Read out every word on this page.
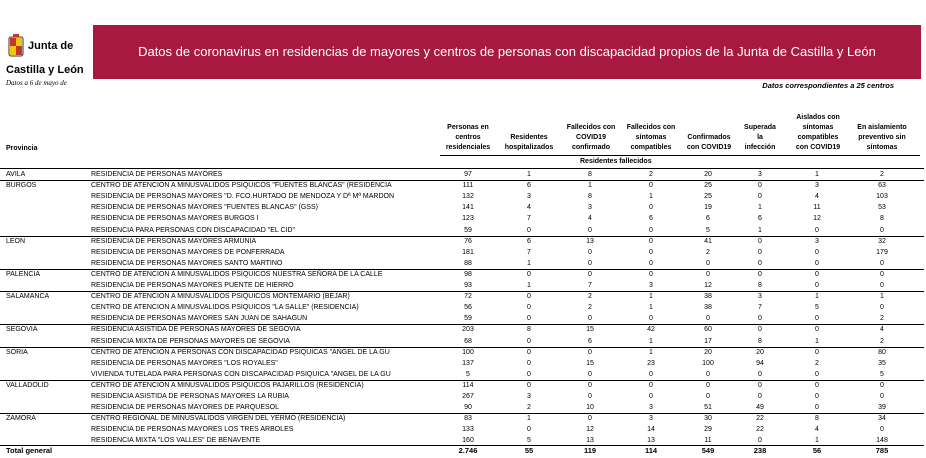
Junta de
Castilla y León
Datos a 6 de mayo de
Datos de coronavirus en residencias de mayores y centros de personas con discapacidad propios de la Junta de Castilla y León
Datos correspondientes a 25 centros
Personas en
centros
residenciales
Residentes
hospitalizados
Fallecidos con
COVID19
confirmado
Fallecidos con
síntomas
compatibles
Confirmados
con COVID19
Superada
la
infección
Aislados con
síntomas
compatibles
con COVID19
En aislamiento
preventivo sin
síntomas
Provincia
Residentes fallecidos
AVILA	RESIDENCIA DE PERSONAS MAYORES	97	1	8	2	20	3	1	2
BURGOS	CENTRO DE ATENCION A MINUSVALIDOS PSIQUICOS "FUENTES BLANCAS" (RESIDENCIA	111	6	1	0	25	0	3	63
RESIDENCIA DE PERSONAS MAYORES "D. FCO.HURTADO DE MENDOZA Y Dª Mª MARDON	132	3	8	1	25	0	4	103
RESIDENCIA DE PERSONAS MAYORES "FUENTES BLANCAS" (GSS)	141	4	3	0	19	1	11	53
RESIDENCIA DE PERSONAS MAYORES BURGOS I	123	7	4	6	6	6	12	8
RESIDENCIA PARA PERSONAS CON DISCAPACIDAD "EL CID"	59	0	0	0	5	1	0	0
LEON	RESIDENCIA DE PERSONAS MAYORES ARMUNIA	76	6	13	0	41	0	3	32
RESIDENCIA DE PERSONAS MAYORES DE PONFERRADA	181	7	0	0	2	0	0	179
RESIDENCIA DE PERSONAS MAYORES SANTO MARTINO	88	1	0	0	0	0	0	0
PALENCIA	CENTRO DE ATENCION A MINUSVALIDOS PSIQUICOS NUESTRA SEÑORA DE LA CALLE	98	0	0	0	0	0	0	0
RESIDENCIA DE PERSONAS MAYORES PUENTE DE HIERRO	93	1	7	3	12	8	0	0
SALAMANCA	CENTRO DE ATENCION A MINUSVALIDOS PSIQUICOS MONTEMARIO (BEJAR)	72	0	2	1	38	3	1	1
CENTRO DE ATENCION A MINUSVALIDOS PSIQUICOS "LA SALLE" (RESIDENCIA)	56	0	2	1	38	7	5	0
RESIDENCIA DE PERSONAS MAYORES SAN JUAN DE SAHAGUN	59	0	0	0	0	0	0	2
SEGOVIA	RESIDENCIA ASISTIDA DE PERSONAS MAYORES DE SEGOVIA	203	8	15	42	60	0	0	4
RESIDENCIA MIXTA DE PERSONAS MAYORES DE SEGOVIA	68	0	6	1	17	8	1	2
SORIA	CENTRO DE ATENCION A PERSONAS CON DISCAPACIDAD PSIQUICAS "ANGEL DE LA GU	100	0	0	1	20	20	0	80
RESIDENCIA DE PERSONAS MAYORES "LOS ROYALES"	137	0	15	23	100	94	2	35
VIVIENDA TUTELADA PARA PERSONAS CON DISCAPACIDAD PSIQUICA "ANGEL DE LA GU	5	0	0	0	0	0	0	5
VALLADOLID	CENTRO DE ATENCION A MINUSVALIDOS PSIQUICOS PAJARILLOS (RESIDENCIA)	114	0	0	0	0	0	0	0
RESIDENCIA ASISTIDA DE PERSONAS MAYORES LA RUBIA	267	3	0	0	0	0	0	0
RESIDENCIA DE PERSONAS MAYORES DE PARQUESOL	90	2	10	3	51	49	0	39
ZAMORA	CENTRO REGIONAL DE MINUSVALIDOS VIRGEN DEL YERMO (RESIDENCIA)	83	1	0	3	30	22	8	34
RESIDENCIA DE PERSONAS MAYORES LOS TRES ARBOLES	133	0	12	14	29	22	4	0
RESIDENCIA MIXTA "LOS VALLES" DE BENAVENTE	160	5	13	13	11	0	1	148
Total general	2.746	55	119	114	549	238	56	785
